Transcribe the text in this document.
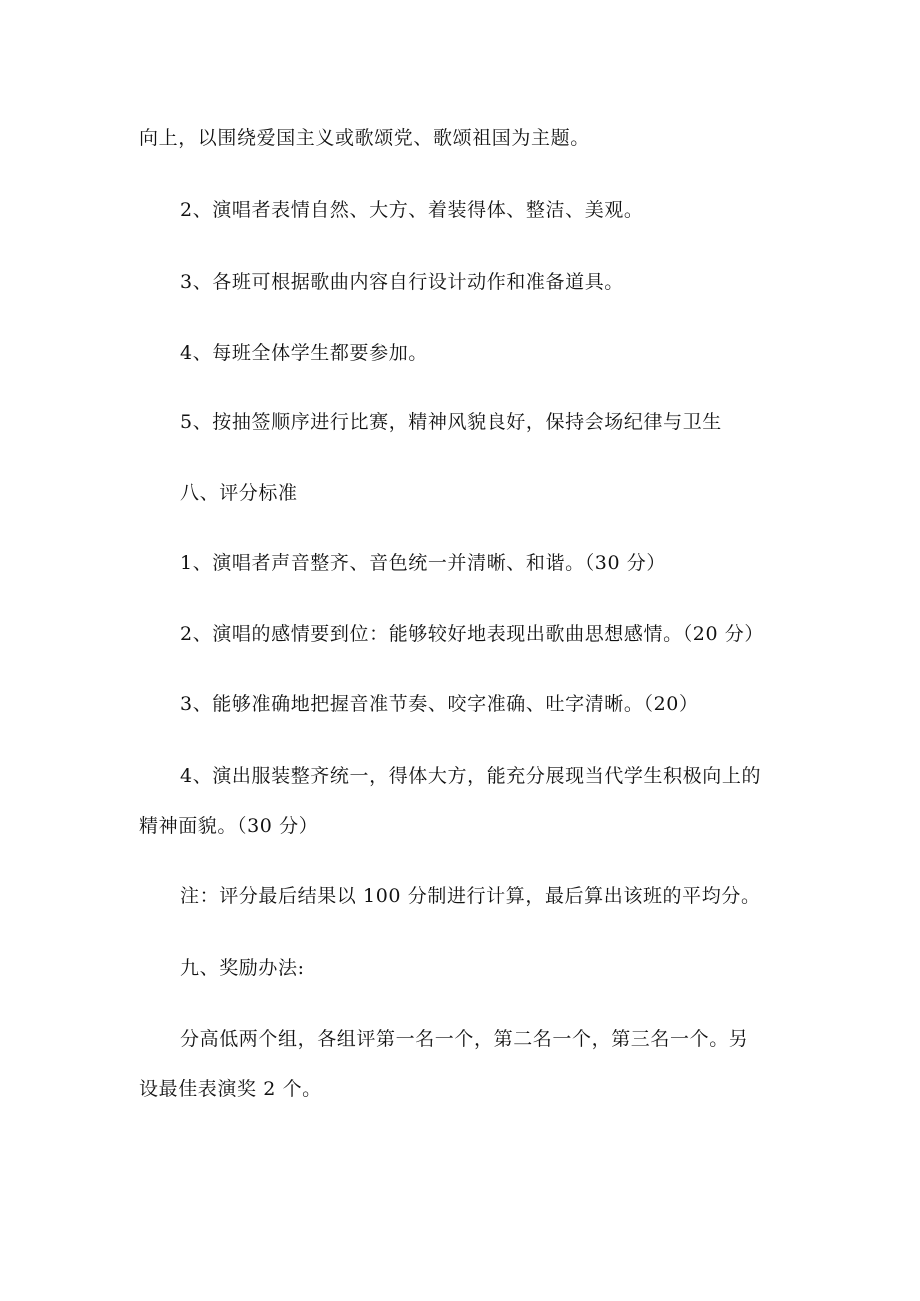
向上，以围绕爱国主义或歌颂党、歌颂祖国为主题。
2、演唱者表情自然、大方、着装得体、整洁、美观。
3、各班可根据歌曲内容自行设计动作和准备道具。
4、每班全体学生都要参加。
5、按抽签顺序进行比赛，精神风貌良好，保持会场纪律与卫生
八、评分标准
1、演唱者声音整齐、音色统一并清晰、和谐。（30 分）
2、演唱的感情要到位：能够较好地表现出歌曲思想感情。（20 分）
3、能够准确地把握音准节奏、咬字准确、吐字清晰。（20）
4、演出服装整齐统一，得体大方，能充分展现当代学生积极向上的
精神面貌。（30 分）
注：评分最后结果以 100 分制进行计算，最后算出该班的平均分。
九、奖励办法:
分高低两个组，各组评第一名一个，第二名一个，第三名一个。另
设最佳表演奖 2 个。
